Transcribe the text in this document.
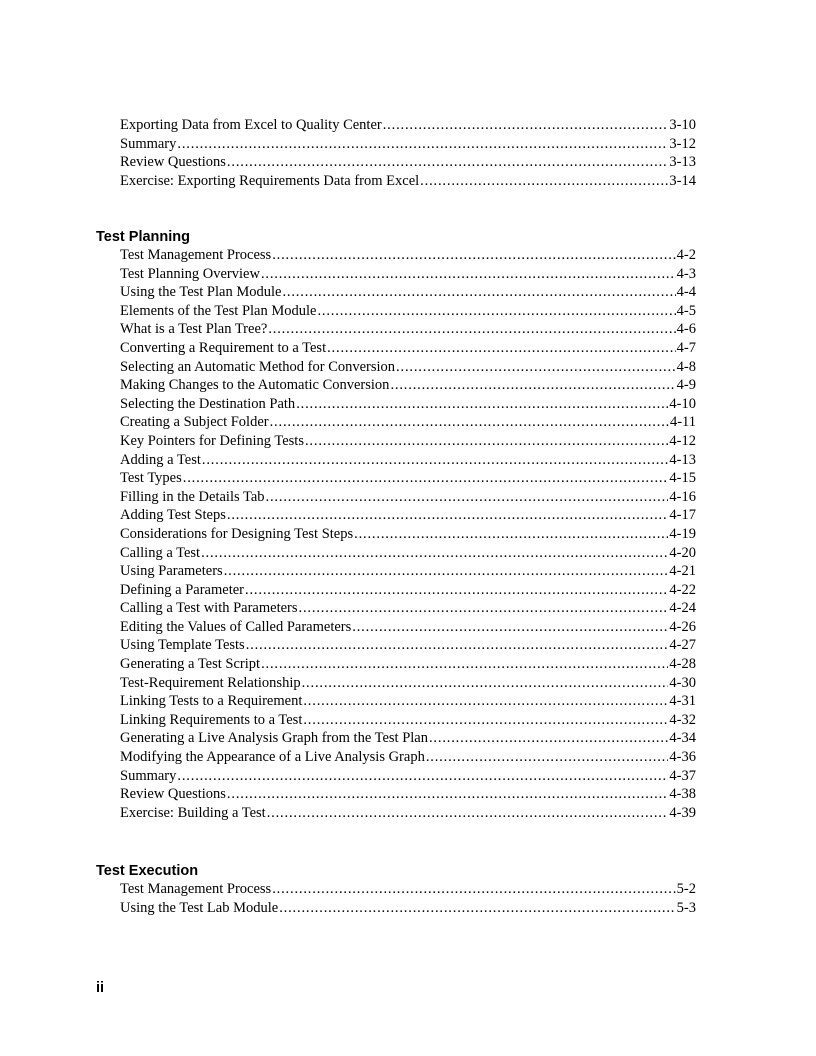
Exporting Data from Excel to Quality Center . . .	3-10
Summary . . .	3-12
Review Questions . . .	3-13
Exercise: Exporting Requirements Data from Excel . . .	3-14
Test Planning
Test Management Process . . .	4-2
Test Planning Overview . . .	4-3
Using the Test Plan Module . . .	4-4
Elements of the Test Plan Module . . .	4-5
What is a Test Plan Tree? . . .	4-6
Converting a Requirement to a Test . . .	4-7
Selecting an Automatic Method for Conversion . . .	4-8
Making Changes to the Automatic Conversion . . .	4-9
Selecting the Destination Path . . .	4-10
Creating a Subject Folder . . .	4-11
Key Pointers for Defining Tests . . .	4-12
Adding a Test . . .	4-13
Test Types . . .	4-15
Filling in the Details Tab . . .	4-16
Adding Test Steps . . .	4-17
Considerations for Designing Test Steps . . .	4-19
Calling a Test . . .	4-20
Using Parameters . . .	4-21
Defining a Parameter . . .	4-22
Calling a Test with Parameters . . .	4-24
Editing the Values of Called Parameters . . .	4-26
Using Template Tests . . .	4-27
Generating a Test Script . . .	4-28
Test-Requirement Relationship . . .	4-30
Linking Tests to a Requirement . . .	4-31
Linking Requirements to a Test . . .	4-32
Generating a Live Analysis Graph from the Test Plan . . .	4-34
Modifying the Appearance of a Live Analysis Graph . . .	4-36
Summary . . .	4-37
Review Questions . . .	4-38
Exercise: Building a Test . . .	4-39
Test Execution
Test Management Process . . .	5-2
Using the Test Lab Module . . .	5-3
ii
